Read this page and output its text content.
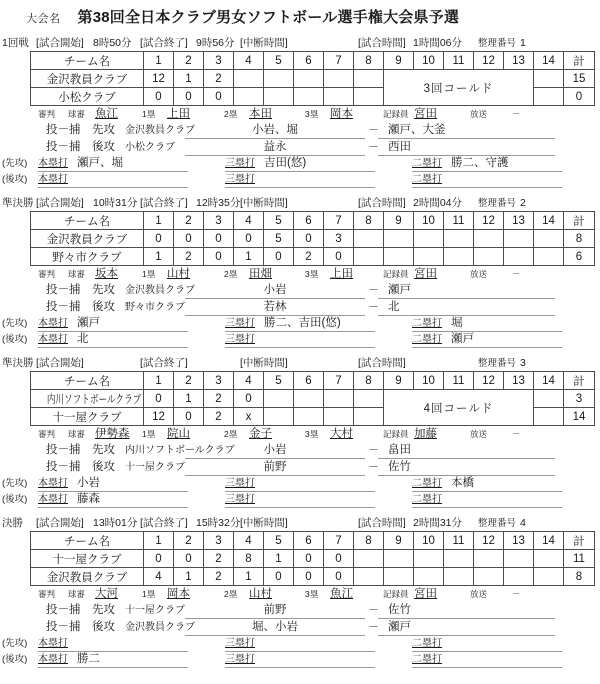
大会名 第38回全日本クラブ男女ソフトボール選手権大会県予選
1回戦 [試合開始] 8時50分 [試合終了] 9時56分 [中断時間]	[試合時間] 1時間06分 整理番号 1
チーム名	1	2	3	4	5	6	7	8	9	10	11	12	13	14	計
金沢教員クラブ	12	1	2						3回コールド						15
小松クラブ	0	0	0												0
審判 球審 魚江	1塁 上田	2塁 本田	3塁 岡本	記録員 宮田	放送	－
投－捕 先攻 金沢教員クラブ	小岩、堀	－ 瀬戸、大釜
投－捕 後攻 小松クラブ	益永	－ 西田
(先攻) 本塁打 瀬戸、堀	三塁打 吉田(悠)	二塁打 勝二、守護
(後攻) 本塁打	三塁打	二塁打
準決勝 [試合開始] 10時31分 [試合終了] 12時35分 [中断時間]	[試合時間] 2時間04分 整理番号 2
チーム名	1	2	3	4	5	6	7	8	9	10	11	12	13	14	計
金沢教員クラブ	0	0	0	0	5	0	3								8
野々市クラブ	1	2	0	1	0	2	0								6
審判 球審 坂本	1塁 山村	2塁 田畑	3塁 上田	記録員 宮田	放送	－
投－捕 先攻 金沢教員クラブ	小岩	－ 瀬戸
投－捕 後攻 野々市クラブ	若林	－ 北
(先攻) 本塁打 瀬戸	三塁打 勝二、吉田(悠)	二塁打 堀
(後攻) 本塁打 北	三塁打	二塁打 瀬戸
準決勝 [試合開始]	[試合終了]	[中断時間]	[試合時間]	整理番号 3
チーム名	1	2	3	4	5	6	7	8	9	10	11	12	13	14	計
内川ソフトボールクラブ	0	1	2	0					4回コールド						3
十一屋クラブ	12	0	2	x											14
審判 球審 伊勢森 1塁 院山	2塁 金子	3塁 大村	記録員 加藤	放送	－
投－捕 先攻 内川ソフトボールクラブ	小岩	－ 畠田
投－捕 後攻 十一屋クラブ	前野	－ 佐竹
(先攻) 本塁打 小岩	三塁打	二塁打 本橋
(後攻) 本塁打 藤森	三塁打	二塁打
決勝 [試合開始] 13時01分 [試合終了] 15時32分 [中断時間]	[試合時間] 2時間31分 整理番号 4
チーム名	1	2	3	4	5	6	7	8	9	10	11	12	13	14	計
十一屋クラブ	0	0	2	8	1	0	0								11
金沢教員クラブ	4	1	2	1	0	0	0								8
審判 球審 大河	1塁 岡本	2塁 山村	3塁 魚江	記録員 宮田	放送	－
投－捕 先攻 十一屋クラブ	前野	－ 佐竹
投－捕 後攻 金沢教員クラブ	堀、小岩	－ 瀬戸
(先攻) 本塁打	三塁打	二塁打
(後攻) 本塁打 勝二	三塁打	二塁打
